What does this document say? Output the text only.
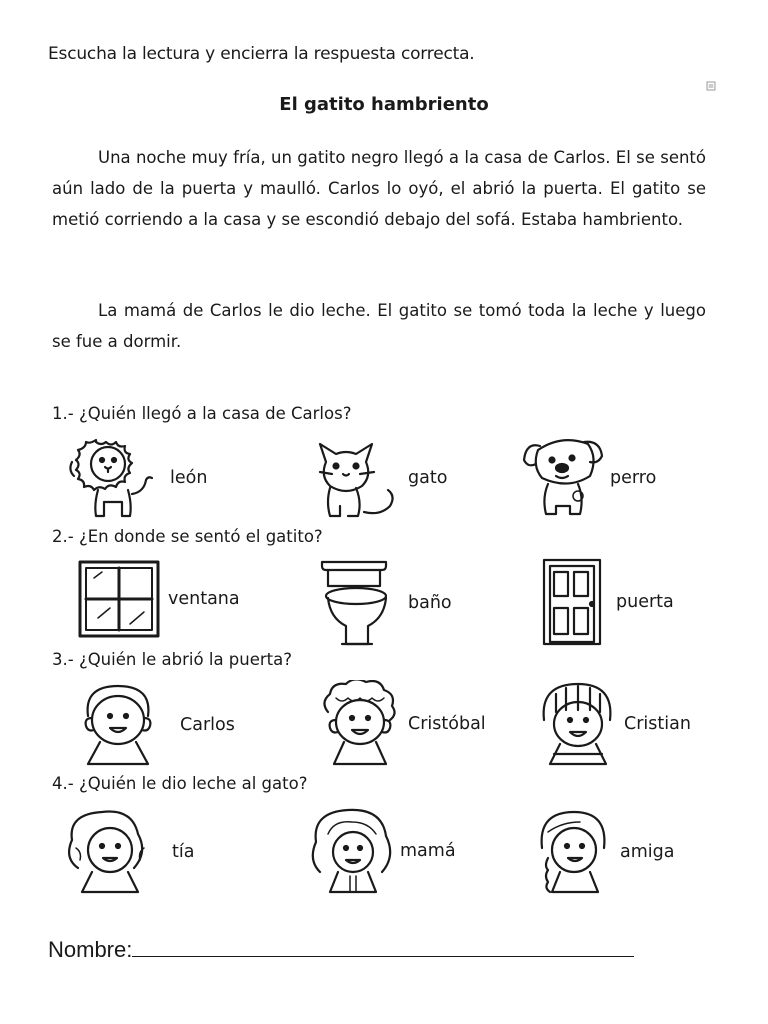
Escucha la lectura y encierra la respuesta correcta.
El gatito hambriento

Una noche muy fría, un gatito negro llegó a la casa de Carlos. El se sentó aún lado de la puerta y maulló. Carlos lo oyó, el abrió la puerta. El gatito se metió corriendo a la casa y se escondió debajo del sofá. Estaba hambriento.

La mamá de Carlos le dio leche. El gatito se tomó toda la leche y luego se fue a dormir.

1.- ¿Quién llegó a la casa de Carlos?
león	gato	perro
2.- ¿En donde se sentó el gatito?
ventana	baño	puerta
3.- ¿Quién le abrió la puerta?
Carlos	Cristóbal	Cristian
4.- ¿Quién le dio leche al gato?
tía	mamá	amiga
Nombre:
